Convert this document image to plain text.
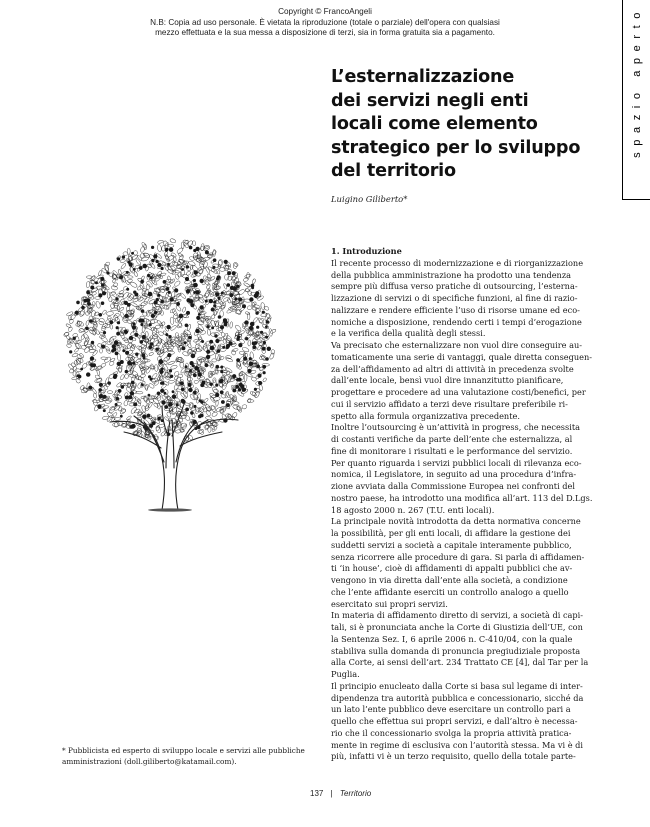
Copyright © FrancoAngeli
N.B: Copia ad uso personale. È vietata la riproduzione (totale o parziale) dell'opera con qualsiasi
mezzo effettuata e la sua messa a disposizione di terzi, sia in forma gratuita sia a pagamento.	spazio aperto
L’esternalizzazione
dei servizi negli enti
locali come elemento
strategico per lo sviluppo
del territorio
Luigino Giliberto*
1. Introduzione
Il recente processo di modernizzazione e di riorganizzazione
della pubblica amministrazione ha prodotto una tendenza
sempre più diffusa verso pratiche di outsourcing, l’esterna-
lizzazione di servizi o di specifiche funzioni, al fine di razio-
nalizzare e rendere efficiente l’uso di risorse umane ed eco-
nomiche a disposizione, rendendo certi i tempi d’erogazione
e la verifica della qualità degli stessi.
Va precisato che esternalizzare non vuol dire conseguire au-
tomaticamente una serie di vantaggi, quale diretta conseguen-
za dell’affidamento ad altri di attività in precedenza svolte
dall’ente locale, bensì vuol dire innanzitutto pianificare,
progettare e procedere ad una valutazione costi/benefici, per
cui il servizio affidato a terzi deve risultare preferibile ri-
spetto alla formula organizzativa precedente.
Inoltre l’outsourcing è un’attività in progress, che necessita
di costanti verifiche da parte dell’ente che esternalizza, al
fine di monitorare i risultati e le performance del servizio.
Per quanto riguarda i servizi pubblici locali di rilevanza eco-
nomica, il Legislatore, in seguito ad una procedura d’infra-
zione avviata dalla Commissione Europea nei confronti del
nostro paese, ha introdotto una modifica all’art. 113 del D.Lgs.
18 agosto 2000 n. 267 (T.U. enti locali).
La principale novità introdotta da detta normativa concerne
la possibilità, per gli enti locali, di affidare la gestione dei
suddetti servizi a società a capitale interamente pubblico,
senza ricorrere alle procedure di gara. Si parla di affidamen-
ti ‘in house’, cioè di affidamenti di appalti pubblici che av-
vengono in via diretta dall’ente alla società, a condizione
che l’ente affidante eserciti un controllo analogo a quello
esercitato sui propri servizi.
In materia di affidamento diretto di servizi, a società di capi-
tali, si è pronunciata anche la Corte di Giustizia dell’UE, con
la Sentenza Sez. I, 6 aprile 2006 n. C-410/04, con la quale
stabiliva sulla domanda di pronuncia pregiudiziale proposta
alla Corte, ai sensi dell’art. 234 Trattato CE [4], dal Tar per la
Puglia.
Il principio enucleato dalla Corte si basa sul legame di inter-
dipendenza tra autorità pubblica e concessionario, sicché da
un lato l’ente pubblico deve esercitare un controllo pari a
quello che effettua sui propri servizi, e dall’altro è necessa-
rio che il concessionario svolga la propria attività pratica-
mente in regime di esclusiva con l’autorità stessa. Ma vi è di
più, infatti vi è un terzo requisito, quello della totale parte-
* Pubblicista ed esperto di sviluppo locale e servizi alle pubbliche
amministrazioni (doll.giliberto@katamail.com).
137 | Territorio
